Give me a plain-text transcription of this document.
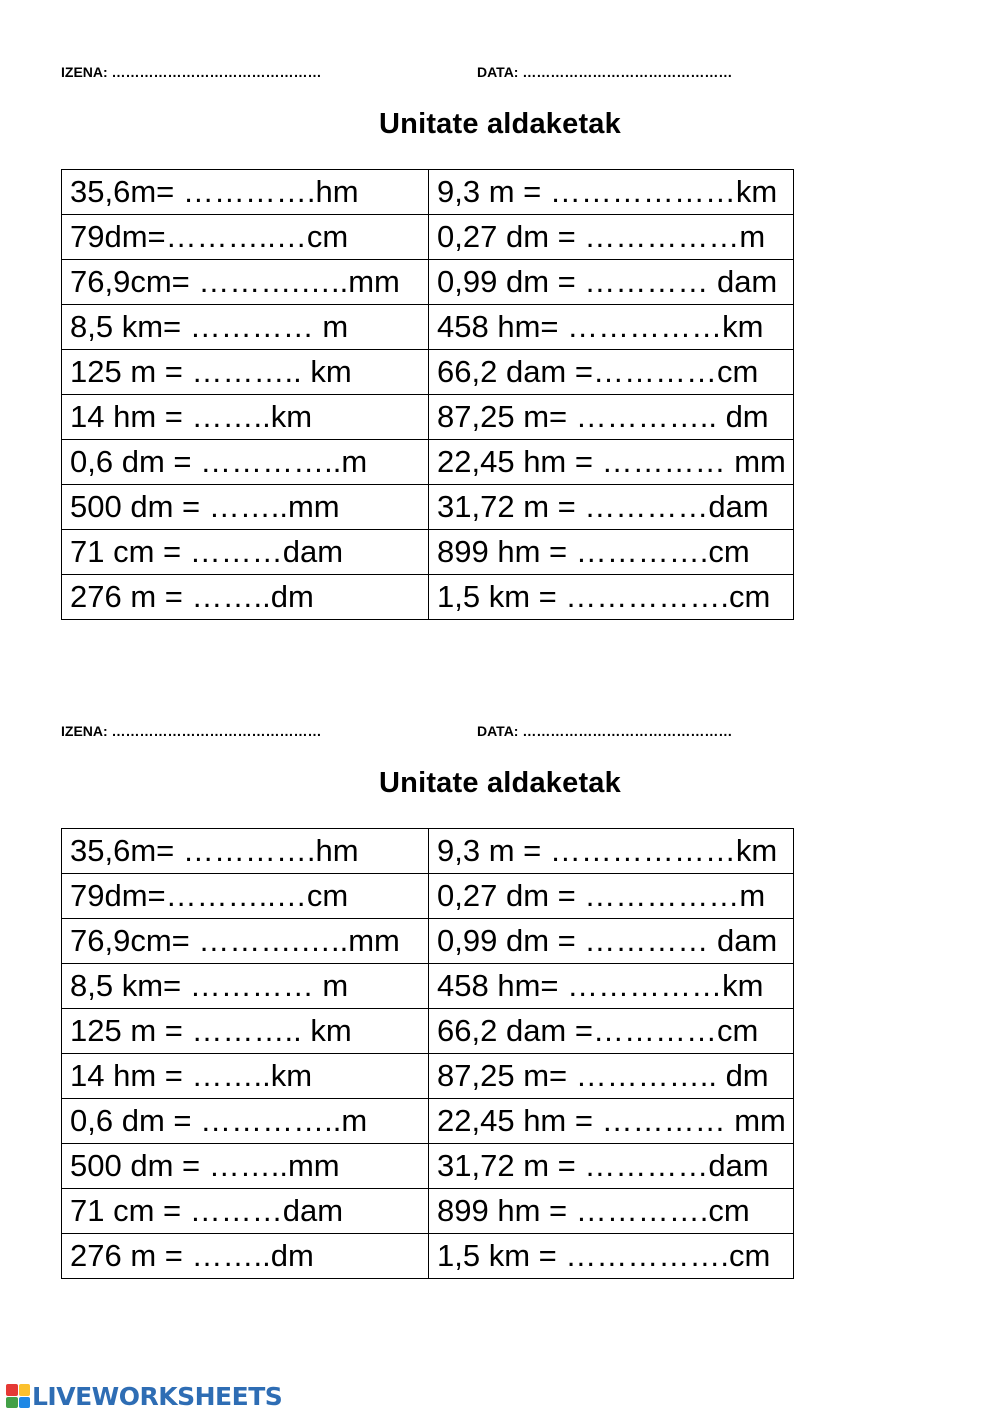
IZENA: ………………………………………	DATA: ………………………………………
Unitate aldaketak
35,6m= ………….hm	9,3 m = ………………km
79dm=………..…cm	0,27 dm = ……………m
76,9cm= ……….…..mm	0,99 dm = ………… dam
8,5 km= ………… m	458 hm= ……………km
125 m = ……….. km	66,2 dam =…………cm
14 hm = ……..km	87,25 m= ………….. dm
0,6 dm = …………..m	22,45 hm = ………… mm
500 dm = ……..mm	31,72 m = …………dam
71 cm = ………dam	899 hm = ………….cm
276 m = ……..dm	1,5 km = …………….cm
IZENA: ………………………………………	DATA: ………………………………………
Unitate aldaketak
35,6m= ………….hm	9,3 m = ………………km
79dm=………..…cm	0,27 dm = ……………m
76,9cm= ……….…..mm	0,99 dm = ………… dam
8,5 km= ………… m	458 hm= ……………km
125 m = ……….. km	66,2 dam =…………cm
14 hm = ……..km	87,25 m= ………….. dm
0,6 dm = …………..m	22,45 hm = ………… mm
500 dm = ……..mm	31,72 m = …………dam
71 cm = ………dam	899 hm = ………….cm
276 m = ……..dm	1,5 km = …………….cm
LIVEWORKSHEETS
